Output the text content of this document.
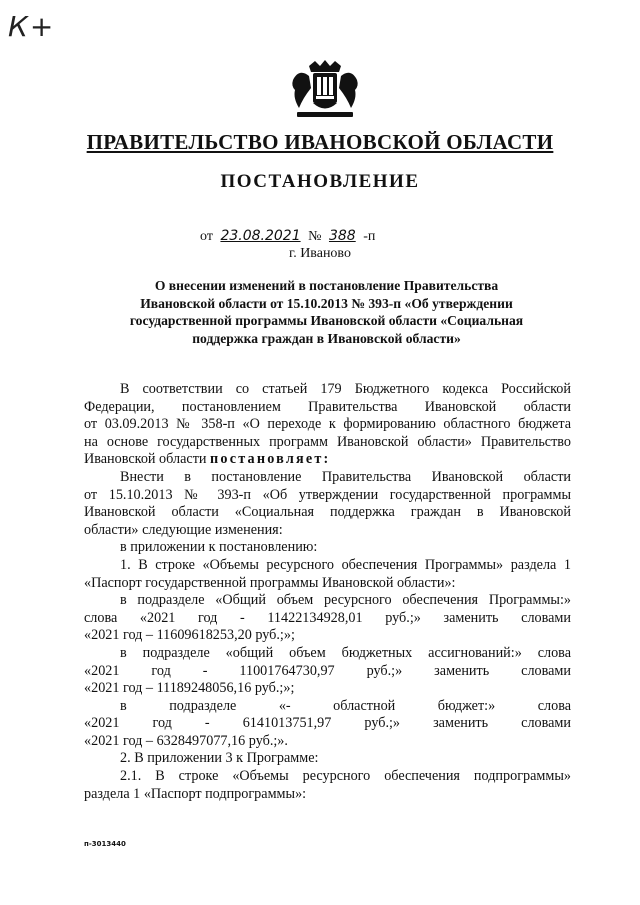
К+
ПРАВИТЕЛЬСТВО ИВАНОВСКОЙ ОБЛАСТИ
ПОСТАНОВЛЕНИЕ
от 23.08.2021 № 388 -п
г. Иваново
О внесении изменений в постановление Правительства
Ивановской области от 15.10.2013 № 393-п «Об утверждении
государственной программы Ивановской области «Социальная
поддержка граждан в Ивановской области»

В соответствии со статьей 179 Бюджетного кодекса Российской

Федерации, постановлением Правительства Ивановской области

от 03.09.2013 № 358-п «О переходе к формированию областного бюджета

на основе государственных программ Ивановской области» Правительство

Ивановской области постановляет:

Внести в постановление Правительства Ивановской области

от 15.10.2013 № 393-п «Об утверждении государственной программы

Ивановской области «Социальная поддержка граждан в Ивановской

области» следующие изменения:

в приложении к постановлению:

1. В строке «Объемы ресурсного обеспечения Программы» раздела 1

«Паспорт государственной программы Ивановской области»:

в подразделе «Общий объем ресурсного обеспечения Программы:»

слова «2021 год - 11422134928,01 руб.;» заменить словами

«2021 год – 11609618253,20 руб.;»;

в подразделе «общий объем бюджетных ассигнований:» слова

«2021 год - 11001764730,97 руб.;» заменить словами

«2021 год – 11189248056,16 руб.;»;

в подразделе «- областной бюджет:» слова

«2021 год - 6141013751,97 руб.;» заменить словами

«2021 год – 6328497077,16 руб.;».

2. В приложении 3 к Программе:

2.1. В строке «Объемы ресурсного обеспечения подпрограммы»

раздела 1 «Паспорт подпрограммы»:

п-3013440
